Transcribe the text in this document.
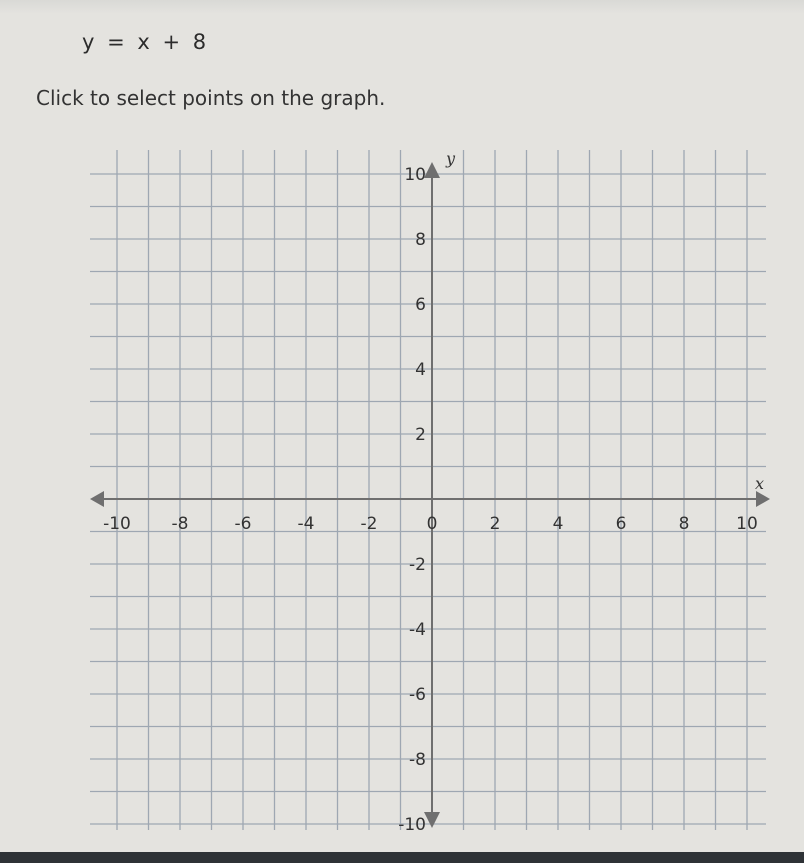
y = x + 8
Click to select points on the graph.
x
y
-10 -8	-6	-4	-2	0	2	4	6	8	10
10
8
6
4
2
-2
-4
-6
-8
-10
